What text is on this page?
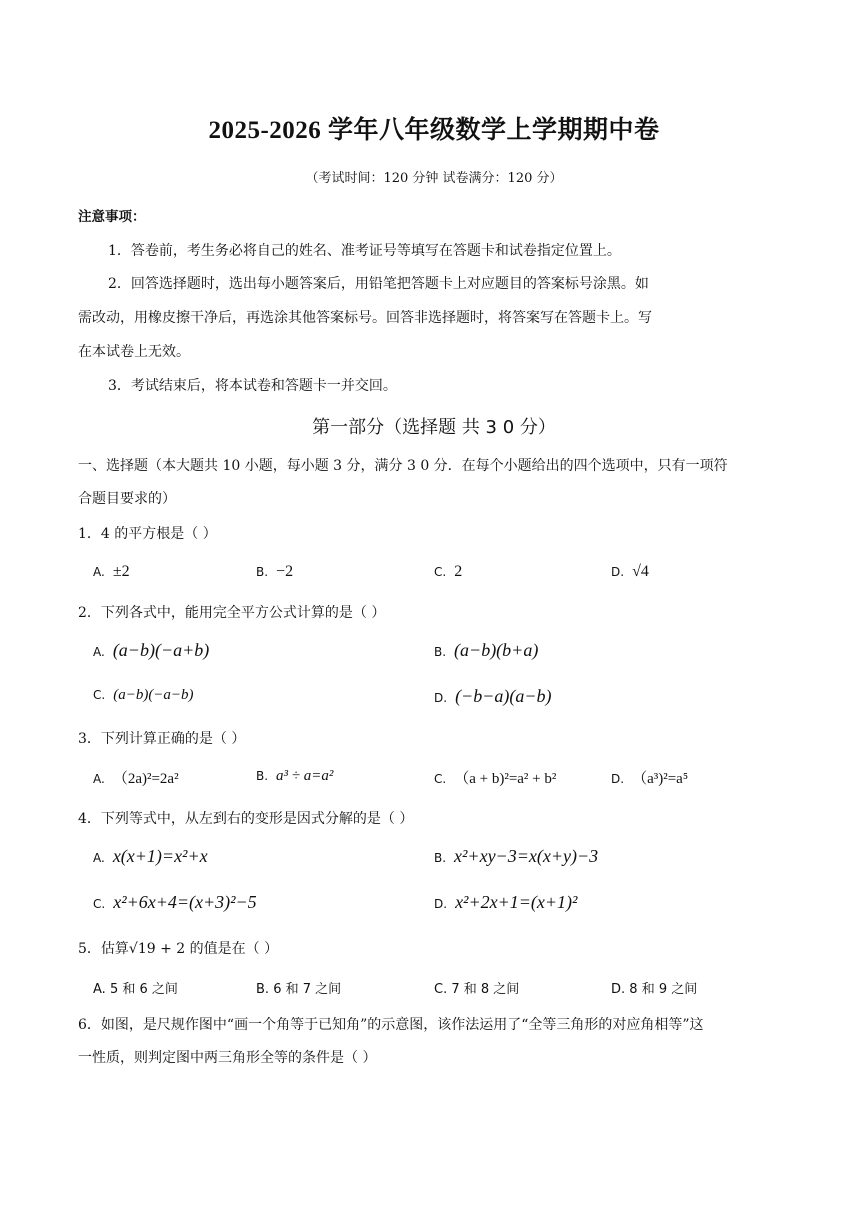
2025-2026 学年八年级数学上学期期中卷
（考试时间：120 分钟 试卷满分：120 分）
注意事项：
1．答卷前，考生务必将自己的姓名、准考证号等填写在答题卡和试卷指定位置上。
2．回答选择题时，选出每小题答案后，用铅笔把答题卡上对应题目的答案标号涂黑。如
需改动，用橡皮擦干净后，再选涂其他答案标号。回答非选择题时，将答案写在答题卡上。写
在本试卷上无效。
3．考试结束后，将本试卷和答题卡一并交回。
第一部分（选择题 共 3 0 分）
一、选择题（本大题共 10 小题，每小题 3 分，满分 3 0 分．在每个小题给出的四个选项中，只有一项符
合题目要求的）
1．4 的平方根是（ ）
A. ±2	B. −2	C. 2	D. √4
2．下列各式中，能用完全平方公式计算的是（ ）
A. (a−b)(−a+b)	B. (a−b)(b+a)
C. (a−b)(−a−b)	D. (−b−a)(a−b)
3．下列计算正确的是（ ）
A. （2a)²=2a²	B. a³ ÷ a=a²	C. （a + b)²=a² + b²	D. （a³)²=a⁵
4．下列等式中，从左到右的变形是因式分解的是（ ）
A. x(x+1)=x²+x	B. x²+xy−3=x(x+y)−3
C. x²+6x+4=(x+3)²−5	D. x²+2x+1=(x+1)²
5．估算√19 + 2 的值是在（ ）
A. 5 和 6 之间	B. 6 和 7 之间	C. 7 和 8 之间	D. 8 和 9 之间
6．如图，是尺规作图中“画一个角等于已知角”的示意图，该作法运用了“全等三角形的对应角相等”这
一性质，则判定图中两三角形全等的条件是（ ）
